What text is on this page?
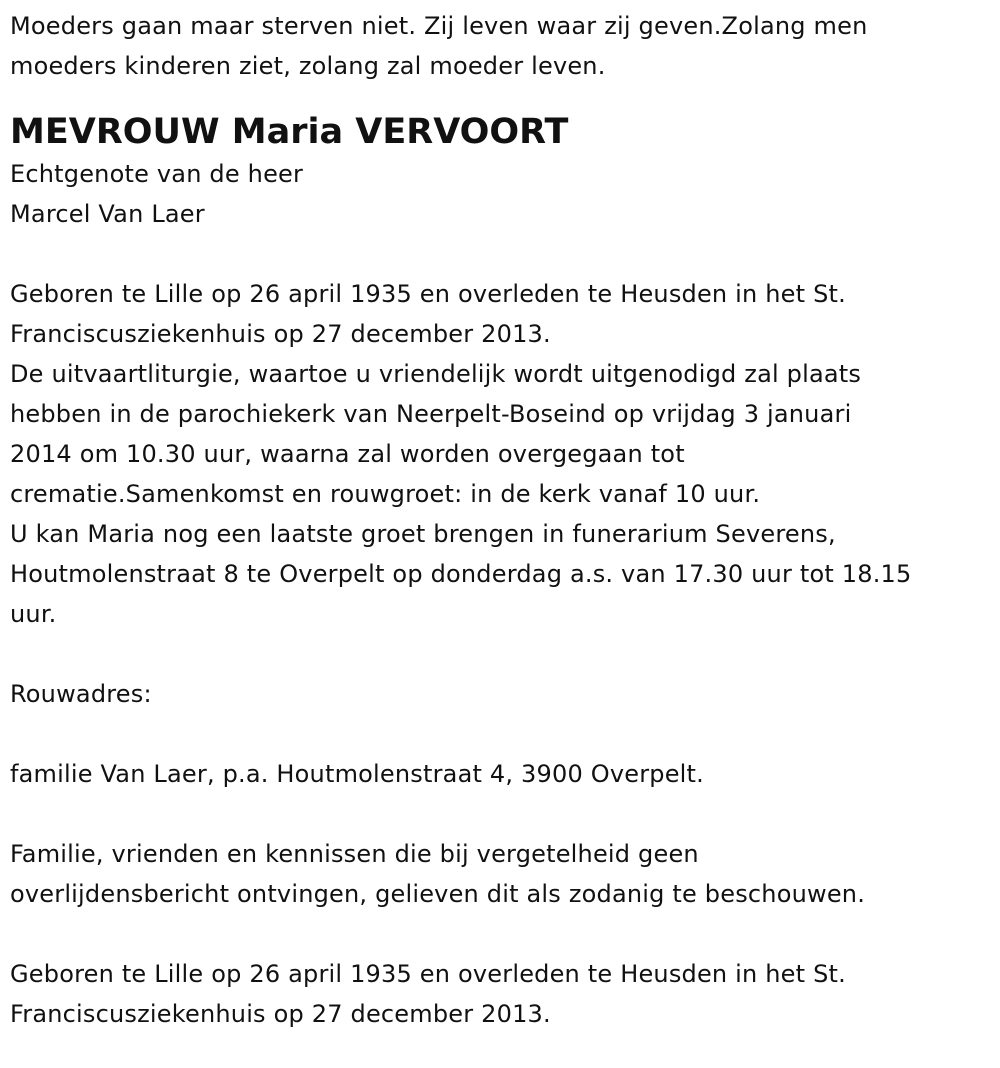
Moeders gaan maar sterven niet. Zij leven waar zij geven.Zolang men
moeders kinderen ziet, zolang zal moeder leven.
MEVROUW Maria VERVOORT
Echtgenote van de heer
Marcel Van Laer
Geboren te Lille op 26 april 1935 en overleden te Heusden in het St.
Franciscusziekenhuis op 27 december 2013.
De uitvaartliturgie, waartoe u vriendelijk wordt uitgenodigd zal plaats
hebben in de parochiekerk van Neerpelt-Boseind op vrijdag 3 januari
2014 om 10.30 uur, waarna zal worden overgegaan tot
crematie.Samenkomst en rouwgroet: in de kerk vanaf 10 uur.
U kan Maria nog een laatste groet brengen in funerarium Severens,
Houtmolenstraat 8 te Overpelt op donderdag a.s. van 17.30 uur tot 18.15
uur.
Rouwadres:
familie Van Laer, p.a. Houtmolenstraat 4, 3900 Overpelt.
Familie, vrienden en kennissen die bij vergetelheid geen
overlijdensbericht ontvingen, gelieven dit als zodanig te beschouwen.
Geboren te Lille op 26 april 1935 en overleden te Heusden in het St.
Franciscusziekenhuis op 27 december 2013.
